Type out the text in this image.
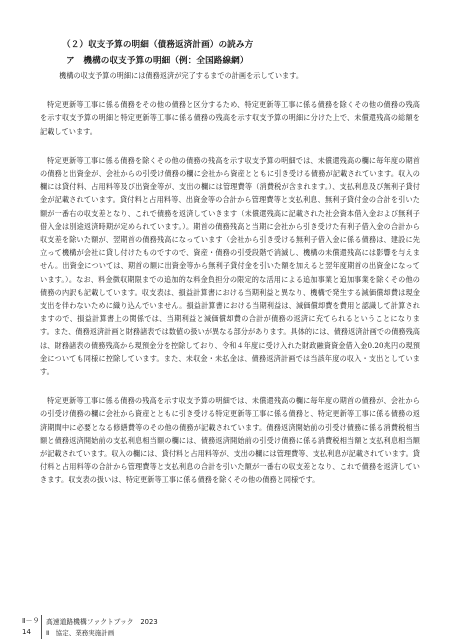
（２）収支予算の明細（債務返済計画）の読み方
ア　機構の収支予算の明細（例：全国路線網）

機構の収支予算の明細には債務返済が完了するまでの計画を示しています。

特定更新等工事に係る債務をその他の債務と区分するため、特定更新等工事に係る債務を除くその他の債務の残高を示す収支予算の明細と特定更新等工事に係る債務の残高を示す収支予算の明細に分けた上で、未償還残高の総額を記載しています。

特定更新等工事に係る債務を除くその他の債務の残高を示す収支予算の明細では、未償還残高の欄に毎年度の期首の債務と出資金が、会社からの引受け債務の欄に会社から資産とともに引き受ける債務が記載されています。収入の欄には貸付料、占用料等及び出資金等が、支出の欄には管理費等（消費税が含まれます。）、支払利息及び無利子貸付金が記載されています。貸付料と占用料等、出資金等の合計から管理費等と支払利息、無利子貸付金の合計を引いた額が一番右の収支差となり、これで債務を返済していきます（未償還残高に記載された社会資本借入金および無利子借入金は別途返済時期が定められています。）。期首の債務残高と当期に会社から引き受けた有利子借入金の合計から収支差を除いた額が、翌期首の債務残高になっています（会社から引き受ける無利子借入金に係る債務は、建設に先立って機構が会社に貸し付けたものですので、資産・債務の引受段階で消滅し、機構の未償還残高には影響を与えません。出資金については、期首の額に出資金等から無利子貸付金を引いた額を加えると翌年度期首の出資金になっています。）。なお、料金徴収期限までの追加的な料金負担分の限定的な活用による追加事業と追加事業を除くその他の債務の内訳も記載しています。収支表は、損益計算書における当期利益と異なり、機構で発生する減価償却費は現金支出を伴わないために織り込んでいません。損益計算書における当期利益は、減価償却費を費用と認識して計算されますので、損益計算書上の関係では、当期利益と減価償却費の合計が債務の返済に充てられるということになります。また、債務返済計画と財務諸表では数値の扱いが異なる部分があります。具体的には、債務返済計画での債務残高は、財務諸表の債務残高から現預金分を控除しており、令和４年度に受け入れた財政融資資金借入金0.20兆円の現預金についても同様に控除しています。また、未収金・未払金は、債務返済計画では当該年度の収入・支出としています。

特定更新等工事に係る債務の残高を示す収支予算の明細では、未償還残高の欄に毎年度の期首の債務が、会社からの引受け債務の欄に会社から資産とともに引き受ける特定更新等工事に係る債務と、特定更新等工事に係る債務の返済期間中に必要となる修繕費等のその他の債務が記載されています。債務返済開始前の引受け債務に係る消費税相当額と債務返済開始前の支払利息相当額の欄には、債務返済開始前の引受け債務に係る消費税相当額と支払利息相当額が記載されています。収入の欄には、貸付料と占用料等が、支出の欄には管理費等、支払利息が記載されています。貸付料と占用料等の合計から管理費等と支払利息の合計を引いた額が一番右の収支差となり、これで債務を返済していきます。収支表の扱いは、特定更新等工事に係る債務を除くその他の債務と同様です。

Ⅱ－９
14
高速道路機構ファクトブック　2023
Ⅱ　協定、業務実施計画
